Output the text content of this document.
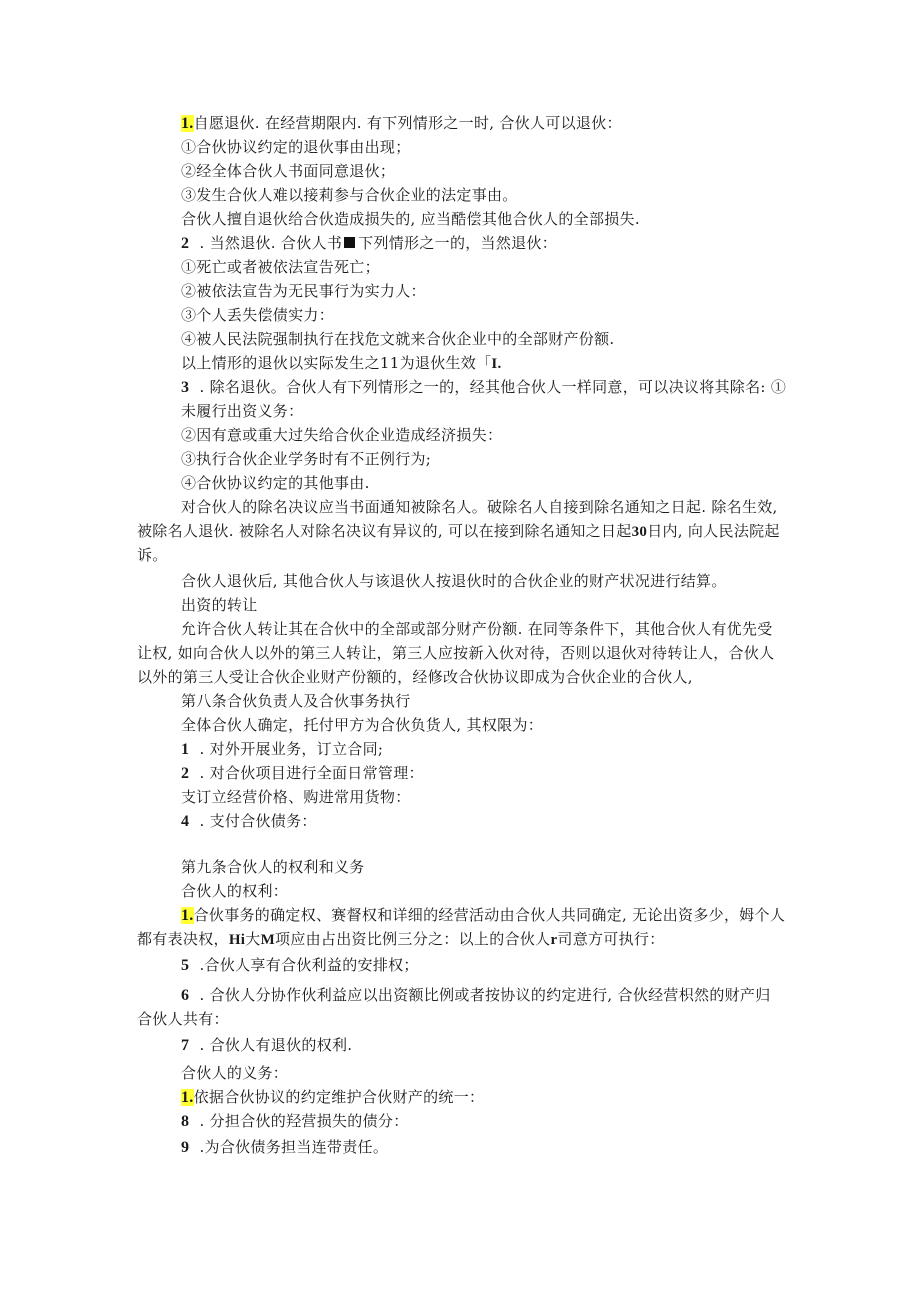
1.自愿退伙. 在经营期限内. 有下列情形之一时, 合伙人可以退伙：
①合伙协议约定的退伙事由出现；
②经全体合伙人书面同意退伙；
③发生合伙人难以接莉参与合伙企业的法定事由。
合伙人擅自退伙给合伙造成损失的, 应当酷偿其他合伙人的全部损失.
2 . 当然退伙. 合伙人书 下列情形之一的，当然退伙：
①死亡或者被依法宣告死亡；
②被依法宣告为无民事行为实力人：
③个人丢失偿债实力：
④被人民法院强制执行在找危文就来合伙企业中的全部财产份额.
以上情形的退伙以实际发生之11为退伙生效「I.
3 . 除名退伙。合伙人有下列情形之一的，经其他合伙人一样同意，可以决议将其除名: ①
未履行出资义务：
②因有意或重大过失给合伙企业造成经济损失：
③执行合伙企业学务时有不正例行为;
④合伙协议约定的其他事由.
对合伙人的除名决议应当书面通知被除名人。破除名人自接到除名通知之日起. 除名生效,
被除名人退伙. 被除名人对除名决议有异议的, 可以在接到除名通知之日起30日内, 向人民法院起
诉。
合伙人退伙后, 其他合伙人与该退伙人按退伙时的合伙企业的财产状况进行结算。
出资的转让
允许合伙人转让其在合伙中的全部或部分财产份额. 在同等条件下，其他合伙人有优先受
让权, 如向合伙人以外的第三人转让，第三人应按新入伙对待，否则以退伙对待转让人，合伙人
以外的第三人受让合伙企业财产份额的，经修改合伙协议即成为合伙企业的合伙人,
第八条合伙负责人及合伙事务执行
全体合伙人确定，托付甲方为合伙负货人, 其权限为：
1 . 对外开展业务，订立合同;
2 . 对合伙项目进行全面日常管理：
支订立经营价格、购进常用货物：
4 . 支付合伙债务：
第九条合伙人的权利和义务
合伙人的权利：
1.合伙事务的确定权、赛督权和详细的经营活动由合伙人共同确定, 无论出资多少，姆个人
都有表决权，Hi大M项应由占出资比例三分之：以上的合伙人r司意方可执行：
5 .合伙人享有合伙利益的安排权；
6 . 合伙人分协作伙利益应以出资额比例或者按协议的约定进行, 合伙经营枳然的财产归
合伙人共有：
7 . 合伙人有退伙的权利.
合伙人的义务：
1.依据合伙协议的约定维护合伙财产的统一：
8 . 分担合伙的羟营损失的债分：
9 .为合伙债务担当连带责任。
